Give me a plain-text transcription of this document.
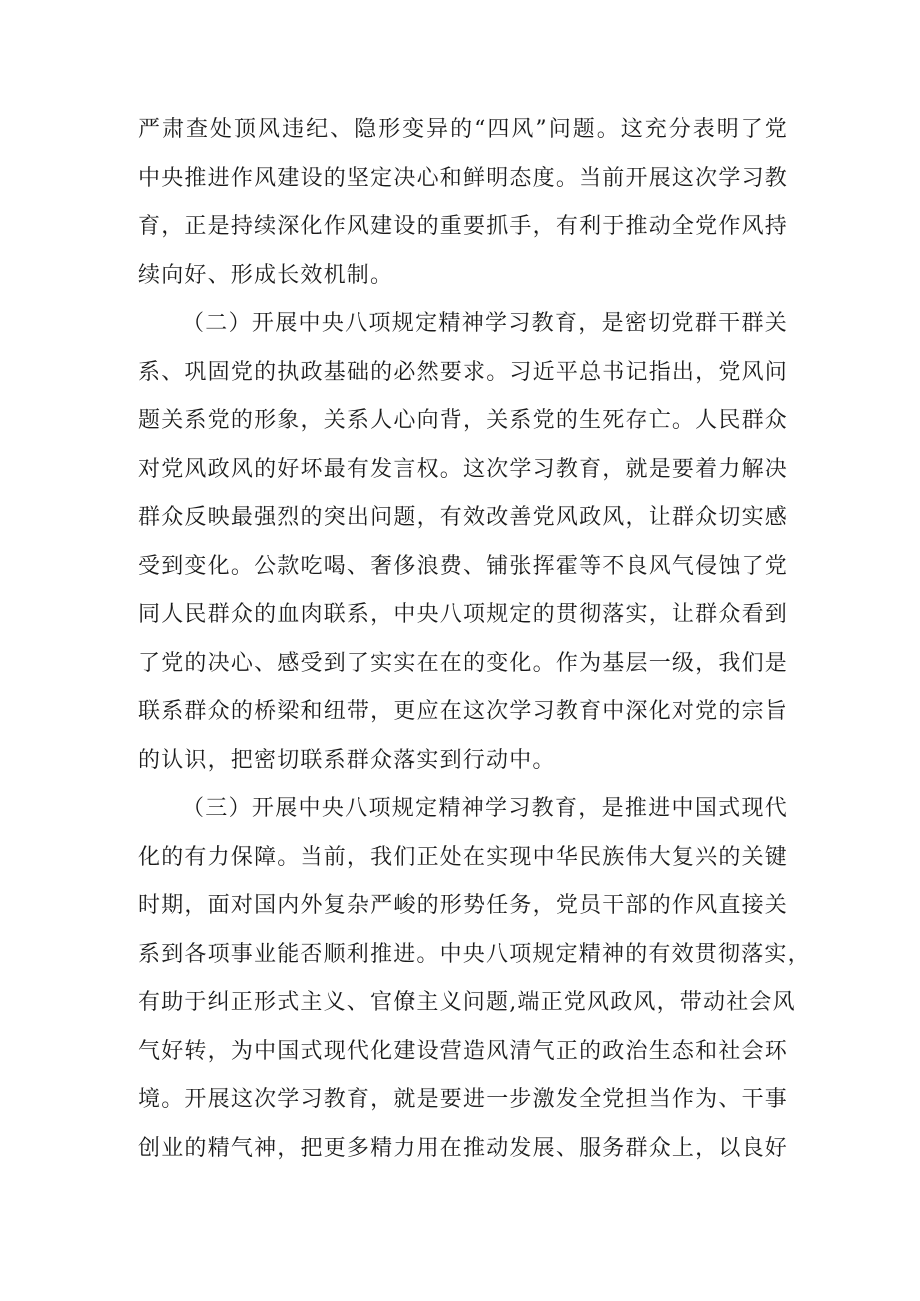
严肃查处顶风违纪、隐形变异的“四风”问题。这充分表明了党
中央推进作风建设的坚定决心和鲜明态度。当前开展这次学习教
育，正是持续深化作风建设的重要抓手，有利于推动全党作风持
续向好、形成长效机制。
（二）开展中央八项规定精神学习教育，是密切党群干群关
系、巩固党的执政基础的必然要求。习近平总书记指出，党风问
题关系党的形象，关系人心向背，关系党的生死存亡。人民群众
对党风政风的好坏最有发言权。这次学习教育，就是要着力解决
群众反映最强烈的突出问题，有效改善党风政风，让群众切实感
受到变化。公款吃喝、奢侈浪费、铺张挥霍等不良风气侵蚀了党
同人民群众的血肉联系，中央八项规定的贯彻落实，让群众看到
了党的决心、感受到了实实在在的变化。作为基层一级，我们是
联系群众的桥梁和纽带，更应在这次学习教育中深化对党的宗旨
的认识，把密切联系群众落实到行动中。
（三）开展中央八项规定精神学习教育，是推进中国式现代
化的有力保障。当前，我们正处在实现中华民族伟大复兴的关键
时期，面对国内外复杂严峻的形势任务，党员干部的作风直接关
系到各项事业能否顺利推进。中央八项规定精神的有效贯彻落实，
有助于纠正形式主义、官僚主义问题,端正党风政风，带动社会风
气好转，为中国式现代化建设营造风清气正的政治生态和社会环
境。开展这次学习教育，就是要进一步激发全党担当作为、干事
创业的精气神，把更多精力用在推动发展、服务群众上，以良好
